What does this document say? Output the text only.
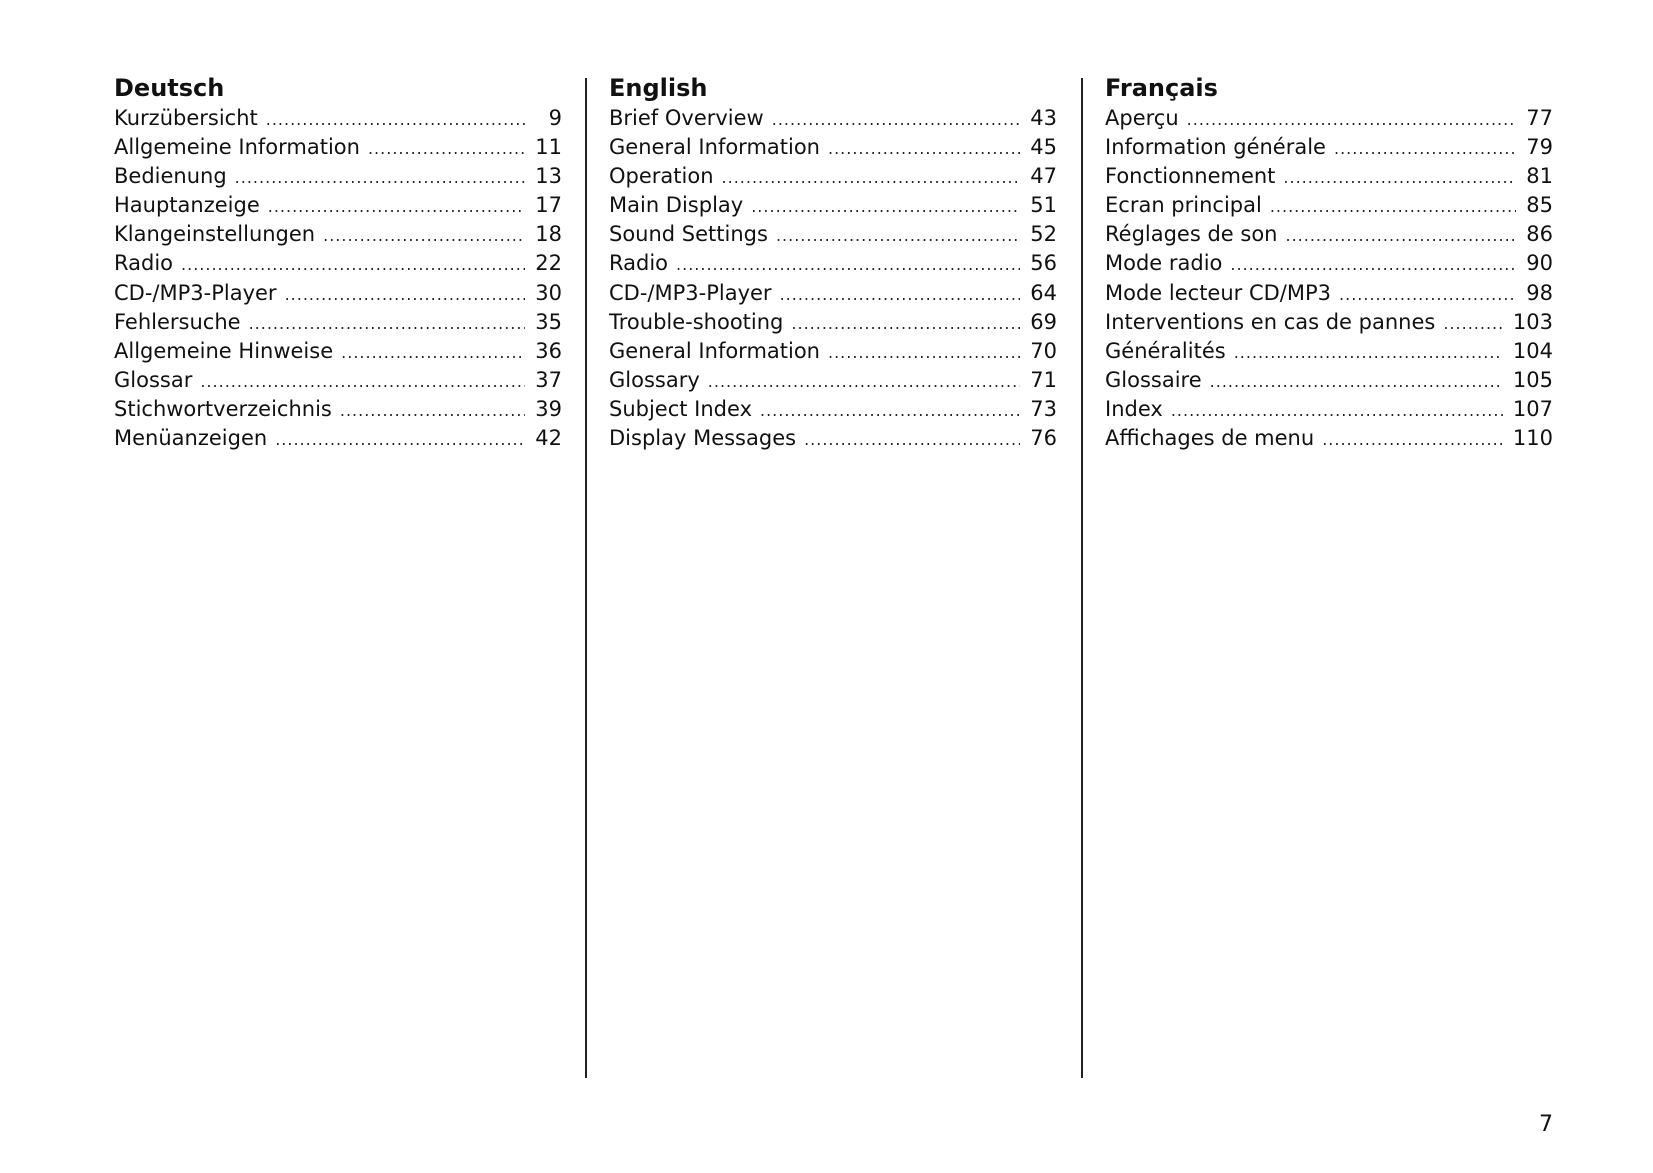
Deutsch
Kurzübersicht .....	9
Allgemeine Information .....	11
Bedienung .....	13
Hauptanzeige .....	17
Klangeinstellungen .....	18
Radio .....	22
CD-/MP3-Player .....	30
Fehlersuche .....	35
Allgemeine Hinweise .....	36
Glossar .....	37
Stichwortverzeichnis .....	39
Menüanzeigen .....	42
English
Brief Overview .....	43
General Information .....	45
Operation .....	47
Main Display .....	51
Sound Settings .....	52
Radio .....	56
CD-/MP3-Player .....	64
Trouble-shooting .....	69
General Information .....	70
Glossary .....	71
Subject Index .....	73
Display Messages .....	76
Français
Aperçu .....	77
Information générale .....	79
Fonctionnement .....	81
Ecran principal .....	85
Réglages de son .....	86
Mode radio .....	90
Mode lecteur CD/MP3 .....	98
Interventions en cas de pannes .....	103
Généralités .....	104
Glossaire .....	105
Index .....	107
Affichages de menu .....	110
7
